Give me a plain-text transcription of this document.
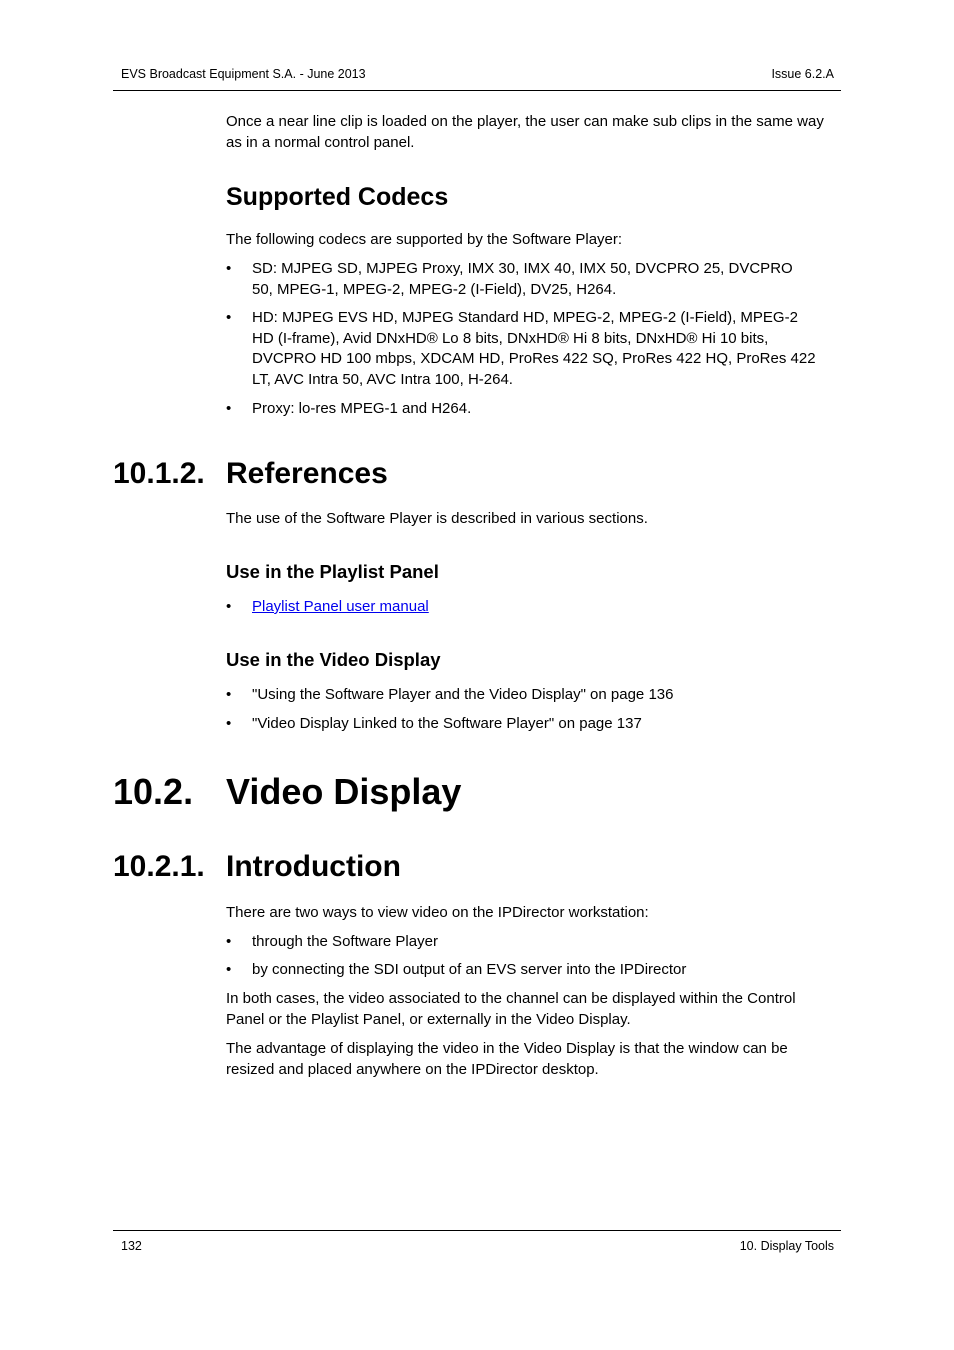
EVS Broadcast Equipment S.A. - June 2013	Issue 6.2.A
Once a near line clip is loaded on the player, the user can make sub clips in the same way
as in a normal control panel.
Supported Codecs
The following codecs are supported by the Software Player:
• SD: MJPEG SD, MJPEG Proxy, IMX 30, IMX 40, IMX 50, DVCPRO 25, DVCPRO
50, MPEG-1, MPEG-2, MPEG-2 (I-Field), DV25, H264.
• HD: MJPEG EVS HD, MJPEG Standard HD, MPEG-2, MPEG-2 (I-Field), MPEG-2
HD (I-frame), Avid DNxHD® Lo 8 bits, DNxHD® Hi 8 bits, DNxHD® Hi 10 bits,
DVCPRO HD 100 mbps, XDCAM HD, ProRes 422 SQ, ProRes 422 HQ, ProRes 422
LT, AVC Intra 50, AVC Intra 100, H-264.
• Proxy: lo-res MPEG-1 and H264.
10.1.2. References
The use of the Software Player is described in various sections.
Use in the Playlist Panel
• Playlist Panel user manual
Use in the Video Display
• "Using the Software Player and the Video Display" on page 136
• "Video Display Linked to the Software Player" on page 137
10.2. Video Display
10.2.1. Introduction
There are two ways to view video on the IPDirector workstation:
• through the Software Player
• by connecting the SDI output of an EVS server into the IPDirector
In both cases, the video associated to the channel can be displayed within the Control
Panel or the Playlist Panel, or externally in the Video Display.
The advantage of displaying the video in the Video Display is that the window can be
resized and placed anywhere on the IPDirector desktop.
132	10. Display Tools
